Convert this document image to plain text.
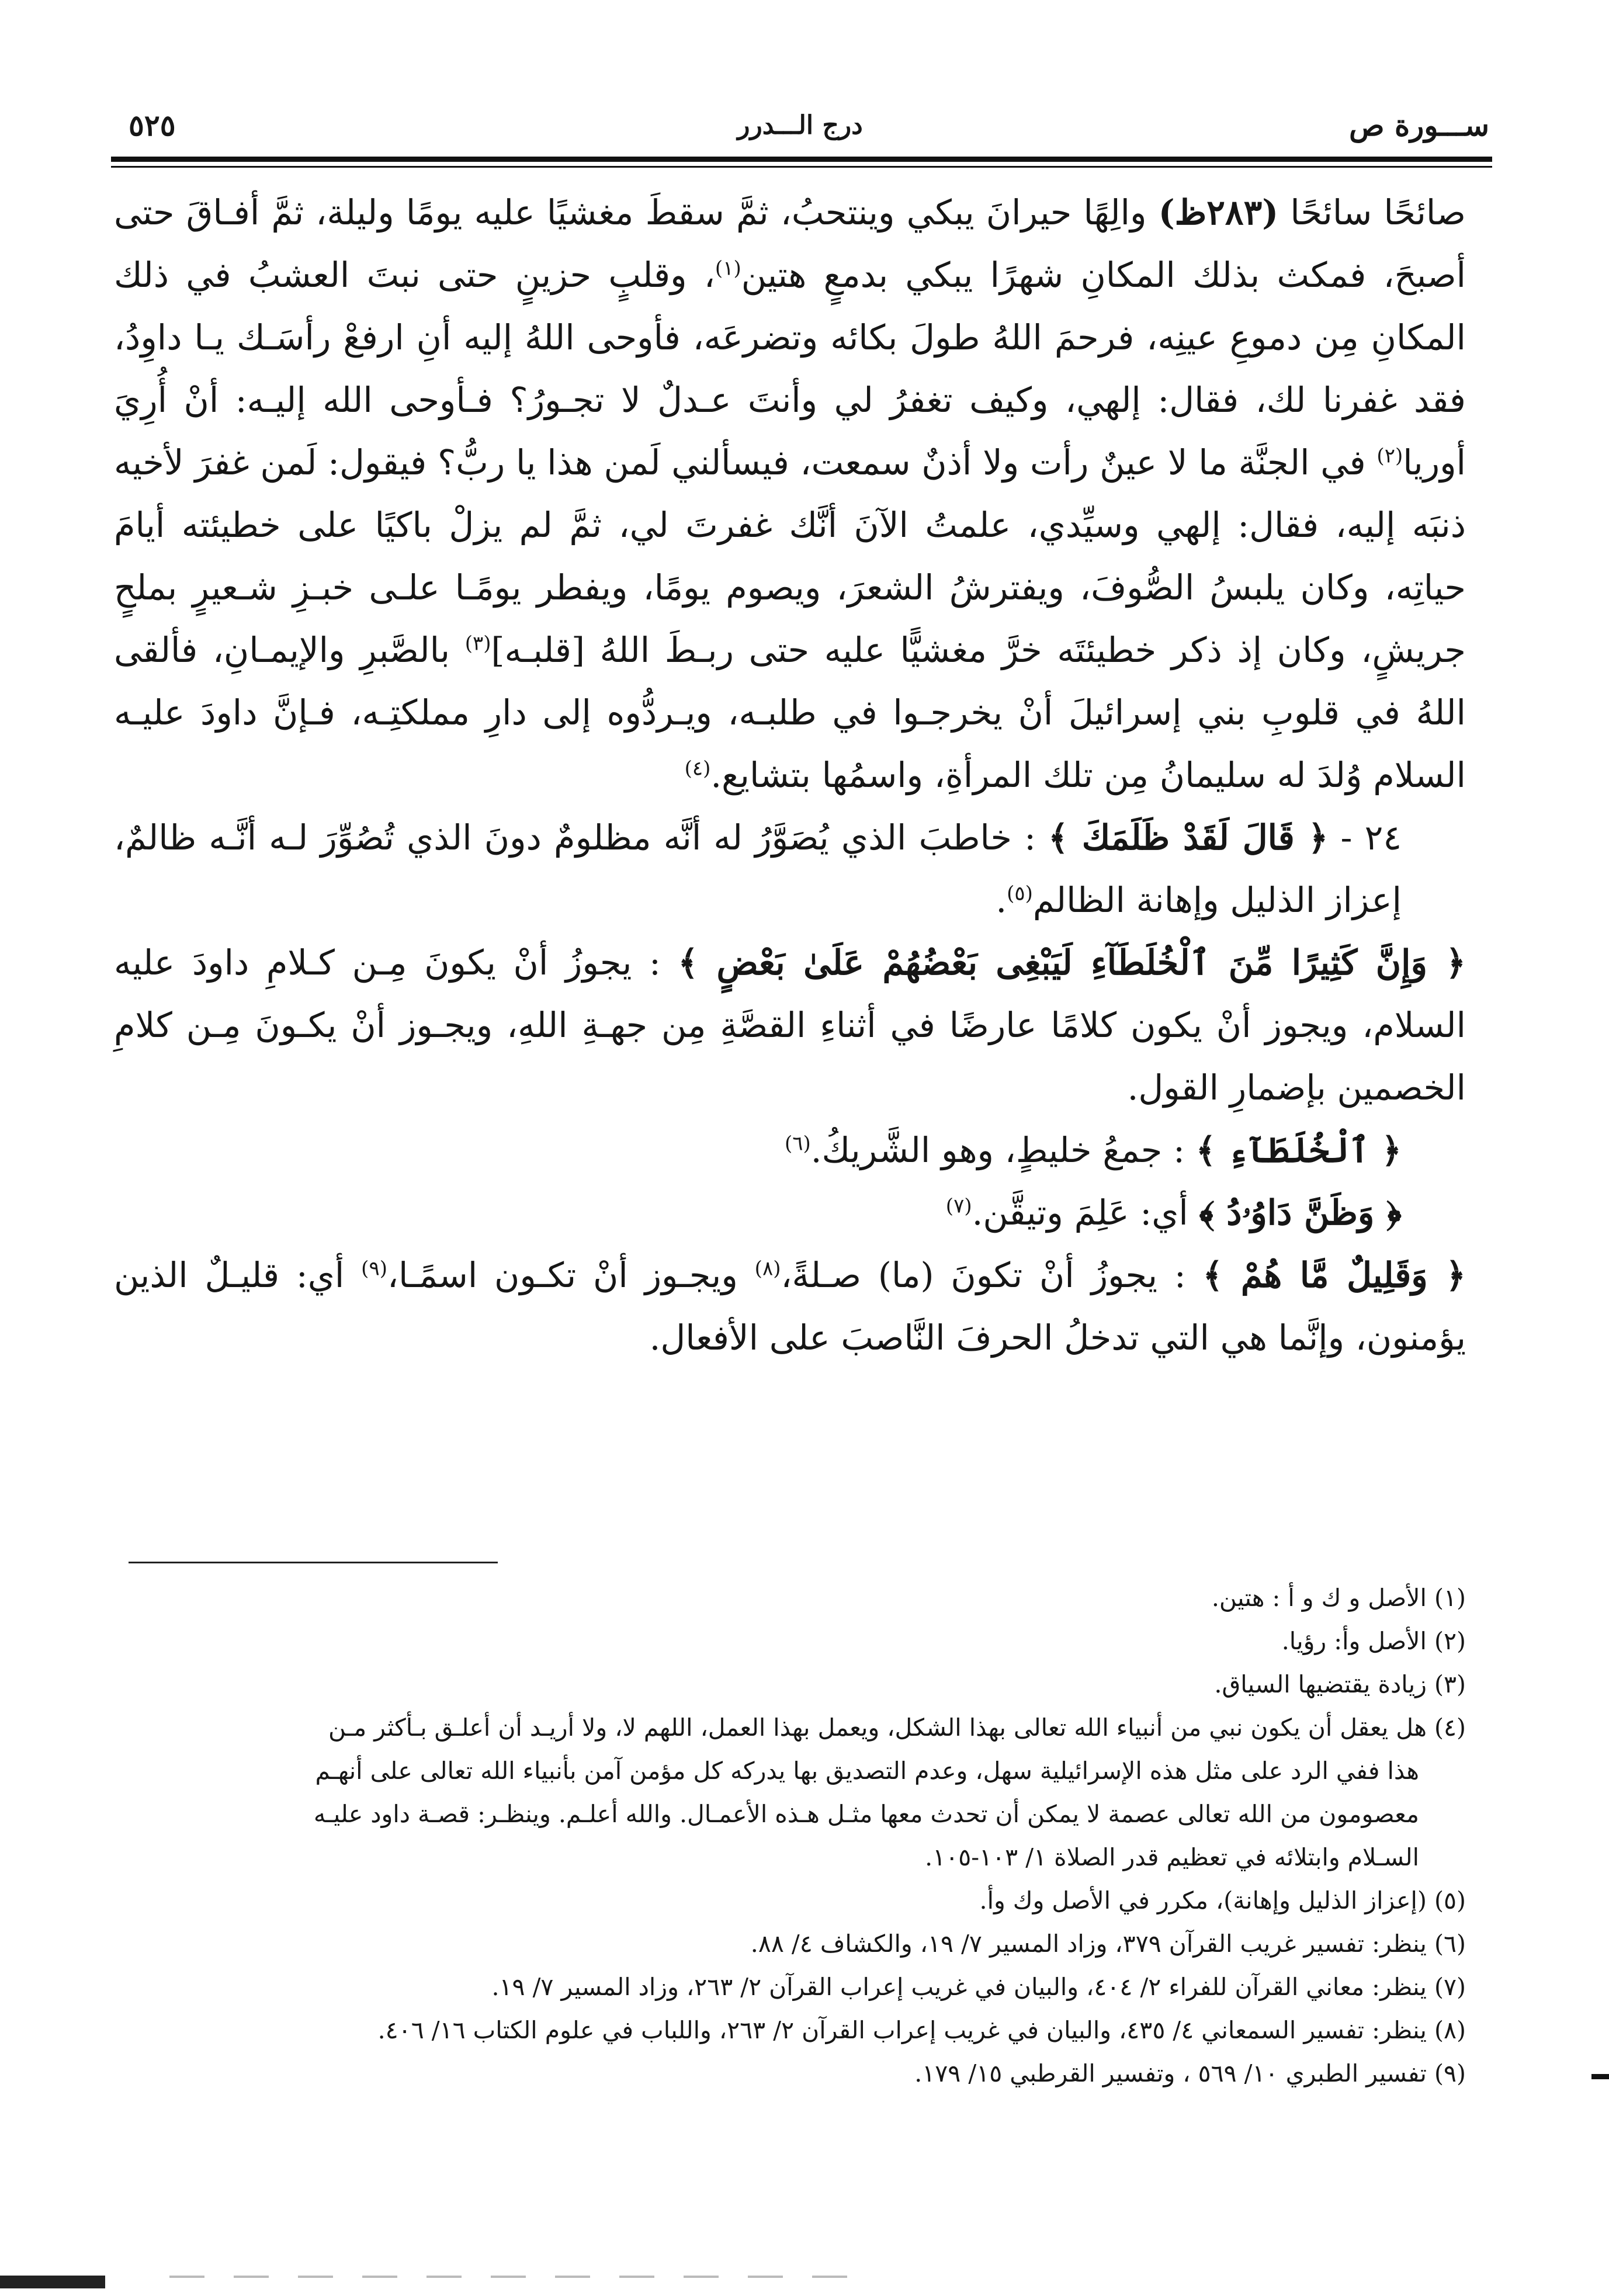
ســـورة ص
درج الـــدرر
٥٢٥

صائحًا سائحًا (٢٨٣ظ) والِهًا حيرانَ يبكي وينتحبُ، ثمَّ سقطَ مغشيًا عليه يومًا وليلة، ثمَّ أفـاقَ حتى أصبحَ، فمكث بذلك المكانِ شهرًا يبكي بدمعٍ هتين$^{(١)}$، وقلبٍ حزينٍ حتى نبتَ العشبُ في ذلك المكانِ مِن دموعِ عينِه، فرحمَ اللهُ طولَ بكائه وتضرعَه، فأوحى اللهُ إليه أنِ ارفعْ رأسَـك يـا داوِدُ، فقد غفرنا لك، فقال: إلهي، وكيف تغفرُ لي وأنتَ عـدلٌ لا تجـورُ؟ فـأوحى الله إليـه: أنْ أُرِيَ أوريا$^{(٢)}$ في الجنَّة ما لا عينٌ رأت ولا أذنٌ سمعت، فيسألني لَمن هذا يا ربُّ؟ فيقول: لَمن غفرَ لأخيه ذنبَه إليه، فقال: إلهي وسيِّدي، علمتُ الآنَ أنَّك غفرتَ لي، ثمَّ لم يزلْ باكيًا على خطيئته أيامَ حياتِه، وكان يلبسُ الصُّوفَ، ويفترشُ الشعرَ، ويصوم يومًا، ويفطر يومًـا علـى خبـزِ شـعيرٍ بملحٍ جريشٍ، وكان إذ ذكر خطيئتَه خرَّ مغشيًّا عليه حتى ربـطَ اللهُ [قلبـه]$^{(٣)}$ بالصَّبرِ والإيمـانِ، فألقى اللهُ في قلوبِ بني إسرائيلَ أنْ يخرجـوا في طلبـه، ويـردُّوه إلى دارِ مملكتِـه، فـإنَّ داودَ عليـه السلام وُلدَ له سليمانُ مِن تلك المرأةِ، واسمُها بتشايع.$^{(٤)}$

٢٤ - ﴿ قَالَ لَقَدْ ظَلَمَكَ ﴾ : خاطبَ الذي يُصَوَّرُ له أنَّه مظلومٌ دونَ الذي تُصُوِّرَ لـه أنَّـه ظالمٌ، إعزاز الذليل وإهانة الظالم$^{(٥)}$.

﴿ وَإِنَّ كَثِيرًا مِّنَ ٱلْخُلَطَآءِ لَيَبْغِى بَعْضُهُمْ عَلَىٰ بَعْضٍ ﴾ : يجوزُ أنْ يكونَ مِـن كـلامِ داودَ عليه السلام، ويجوز أنْ يكون كلامًا عارضًا في أثناءِ القصَّةِ مِن جهـةِ اللهِ، ويجـوز أنْ يكـونَ مِـن كلامِ الخصمين بإضمارِ القول.

﴿ ٱلْخُلَطَآءِ ﴾ : جمعُ خليطٍ، وهو الشَّريكُ.$^{(٦)}$

﴿ وَظَنَّ دَاوُۥدُ ﴾ أي: عَلِمَ وتيقَّن.$^{(٧)}$

﴿ وَقَلِيلٌ مَّا هُمْ ﴾ : يجوزُ أنْ تكونَ (ما) صـلةً،$^{(٨)}$ ويجـوز أنْ تكـون اسمًـا،$^{(٩)}$ أي: قليـلٌ الذين يؤمنون، وإنَّما هي التي تدخلُ الحرفَ النَّاصبَ على الأفعال.

(١) الأصل و ك و أ : هتين.

(٢) الأصل وأ: رؤيا.

(٣) زيادة يقتضيها السياق.

(٤) هل يعقل أن يكون نبي من أنبياء الله تعالى بهذا الشكل، ويعمل بهذا العمل، اللهم لا، ولا أريـد أن أعلـق بـأكثر مـن

هذا ففي الرد على مثل هذه الإسرائيلية سهل، وعدم التصديق بها يدركه كل مؤمن آمن بأنبياء الله تعالى على أنهـم

معصومون من الله تعالى عصمة لا يمكن أن تحدث معها مثـل هـذه الأعمـال. والله أعلـم. وينظـر: قصـة داود عليـه

السـلام وابتلائه في تعظيم قدر الصلاة ١/ ١٠٣-١٠٥.

(٥) (إعزاز الذليل وإهانة)، مكرر في الأصل وك وأ.

(٦) ينظر: تفسير غريب القرآن ٣٧٩، وزاد المسير ٧/ ١٩، والكشاف ٤/ ٨٨.

(٧) ينظر: معاني القرآن للفراء ٢/ ٤٠٤، والبيان في غريب إعراب القرآن ٢/ ٢٦٣، وزاد المسير ٧/ ١٩.

(٨) ينظر: تفسير السمعاني ٤/ ٤٣٥، والبيان في غريب إعراب القرآن ٢/ ٢٦٣، واللباب في علوم الكتاب ١٦/ ٤٠٦.

(٩) تفسير الطبري ١٠/ ٥٦٩ ، وتفسير القرطبي ١٥/ ١٧٩.
